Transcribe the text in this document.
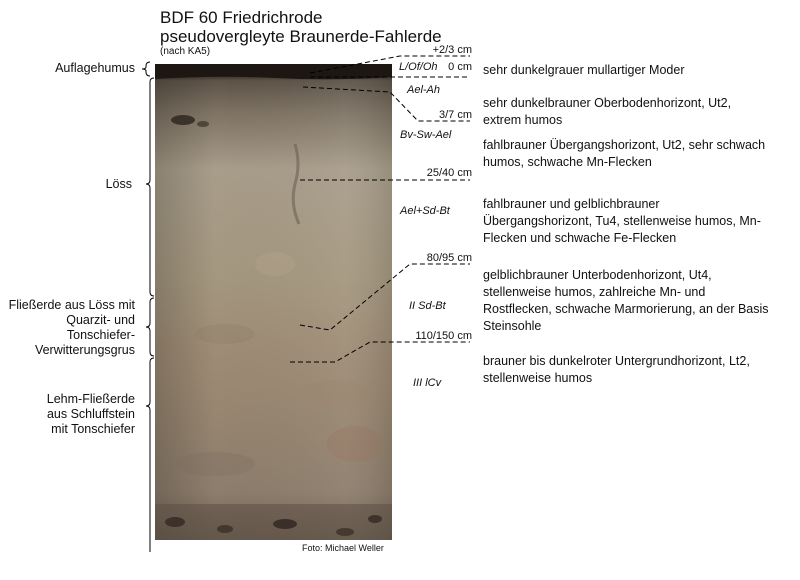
BDF 60 Friedrichrode
pseudovergleyte Braunerde-Fahlerde
(nach KA5)
Auflagehumus
Löss
Fließerde aus Löss mit
Quarzit- und
Tonschiefer-
Verwitterungsgrus
Lehm-Fließerde
aus Schluffstein
mit Tonschiefer
L/Of/Oh
Ael-Ah
Bv-Sw-Ael
Ael+Sd-Bt
II Sd-Bt
III lCv
+2/3 cm
0 cm
3/7 cm
25/40 cm
80/95 cm
110/150 cm
sehr dunkelgrauer mullartiger Moder
sehr dunkelbrauner Oberbodenhorizont, Ut2,
extrem humos
fahlbrauner Übergangshorizont, Ut2, sehr schwach
humos, schwache Mn-Flecken
fahlbrauner und gelblichbrauner
Übergangshorizont, Tu4, stellenweise humos, Mn-
Flecken und schwache Fe-Flecken
gelblichbrauner Unterbodenhorizont, Ut4,
stellenweise humos, zahlreiche Mn- und
Rostflecken, schwache Marmorierung, an der Basis
Steinsohle
brauner bis dunkelroter Untergrundhorizont, Lt2,
stellenweise humos
Foto: Michael Weller
